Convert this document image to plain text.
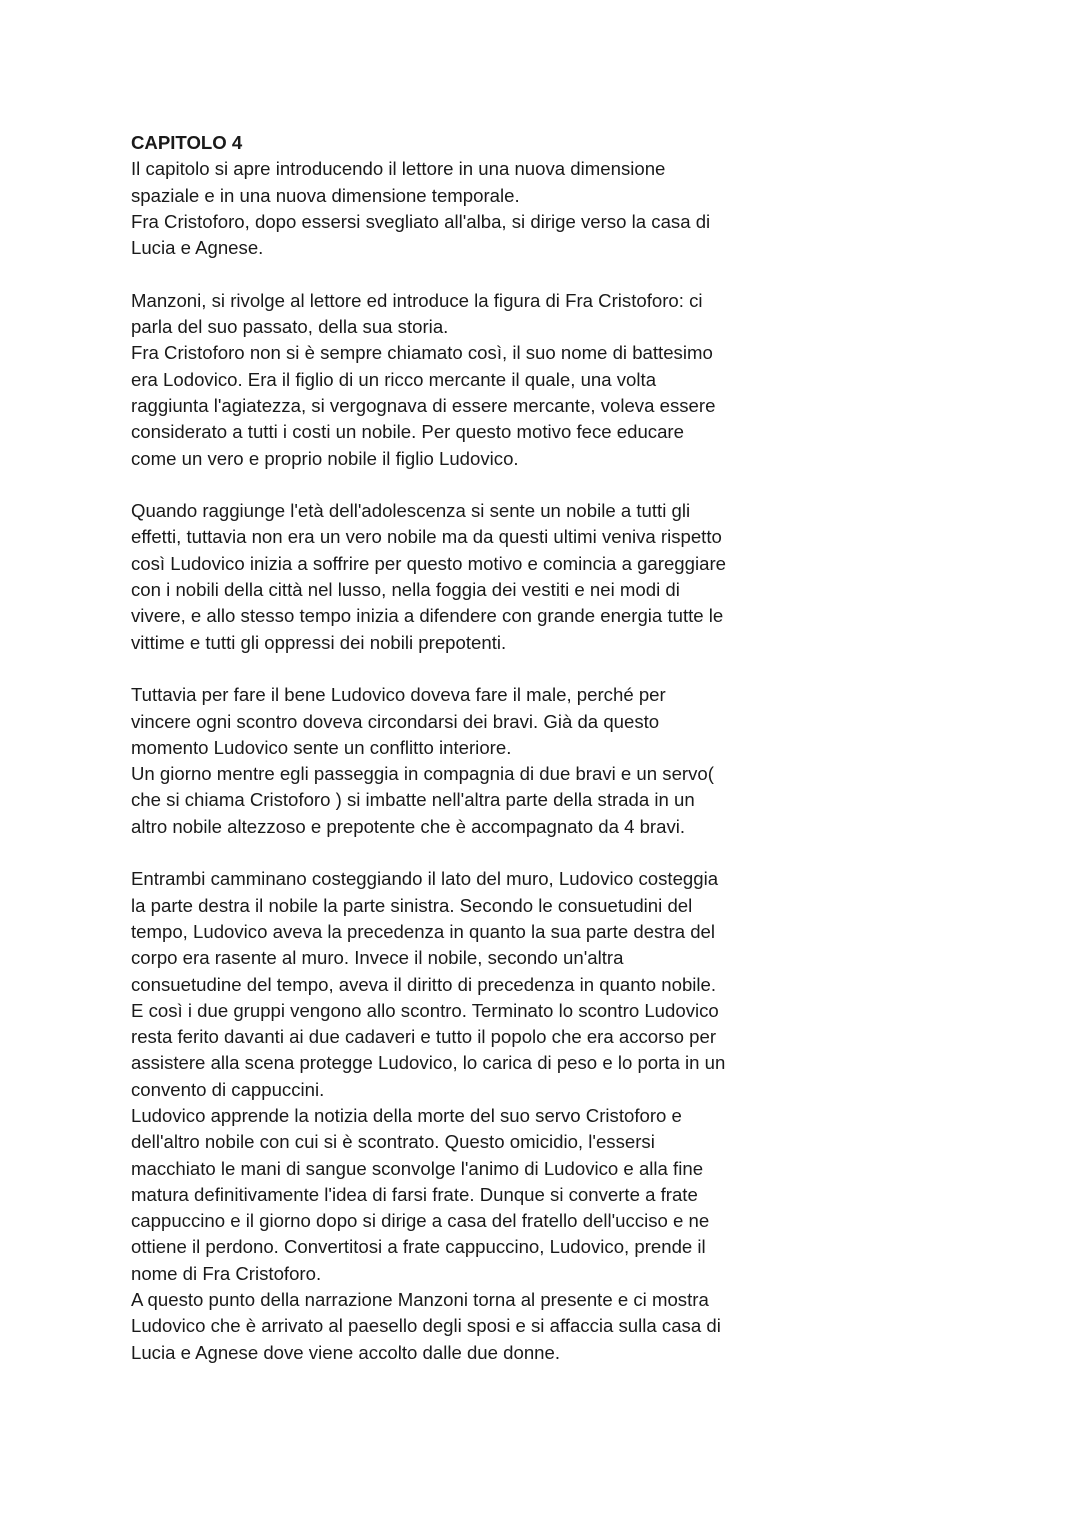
CAPITOLO 4
Il capitolo si apre introducendo il lettore in una nuova dimensione
spaziale e in una nuova dimensione temporale.
Fra Cristoforo, dopo essersi svegliato all'alba, si dirige verso la casa di
Lucia e Agnese.
Manzoni, si rivolge al lettore ed introduce la figura di Fra Cristoforo: ci
parla del suo passato, della sua storia.
Fra Cristoforo non si è sempre chiamato così, il suo nome di battesimo
era Lodovico. Era il figlio di un ricco mercante il quale, una volta
raggiunta l'agiatezza, si vergognava di essere mercante, voleva essere
considerato a tutti i costi un nobile. Per questo motivo fece educare
come un vero e proprio nobile il figlio Ludovico.
Quando raggiunge l'età dell'adolescenza si sente un nobile a tutti gli
effetti, tuttavia non era un vero nobile ma da questi ultimi veniva rispetto
così Ludovico inizia a soffrire per questo motivo e comincia a gareggiare
con i nobili della città nel lusso, nella foggia dei vestiti e nei modi di
vivere, e allo stesso tempo inizia a difendere con grande energia tutte le
vittime e tutti gli oppressi dei nobili prepotenti.
Tuttavia per fare il bene Ludovico doveva fare il male, perché per
vincere ogni scontro doveva circondarsi dei bravi. Già da questo
momento Ludovico sente un conflitto interiore.
Un giorno mentre egli passeggia in compagnia di due bravi e un servo(
che si chiama Cristoforo ) si imbatte nell'altra parte della strada in un
altro nobile altezzoso e prepotente che è accompagnato da 4 bravi.
Entrambi camminano costeggiando il lato del muro, Ludovico costeggia
la parte destra il nobile la parte sinistra. Secondo le consuetudini del
tempo, Ludovico aveva la precedenza in quanto la sua parte destra del
corpo era rasente al muro. Invece il nobile, secondo un'altra
consuetudine del tempo, aveva il diritto di precedenza in quanto nobile.
E così i due gruppi vengono allo scontro. Terminato lo scontro Ludovico
resta ferito davanti ai due cadaveri e tutto il popolo che era accorso per
assistere alla scena protegge Ludovico, lo carica di peso e lo porta in un
convento di cappuccini.
Ludovico apprende la notizia della morte del suo servo Cristoforo e
dell'altro nobile con cui si è scontrato. Questo omicidio, l'essersi
macchiato le mani di sangue sconvolge l'animo di Ludovico e alla fine
matura definitivamente l'idea di farsi frate. Dunque si converte a frate
cappuccino e il giorno dopo si dirige a casa del fratello dell'ucciso e ne
ottiene il perdono. Convertitosi a frate cappuccino, Ludovico, prende il
nome di Fra Cristoforo.
A questo punto della narrazione Manzoni torna al presente e ci mostra
Ludovico che è arrivato al paesello degli sposi e si affaccia sulla casa di
Lucia e Agnese dove viene accolto dalle due donne.
